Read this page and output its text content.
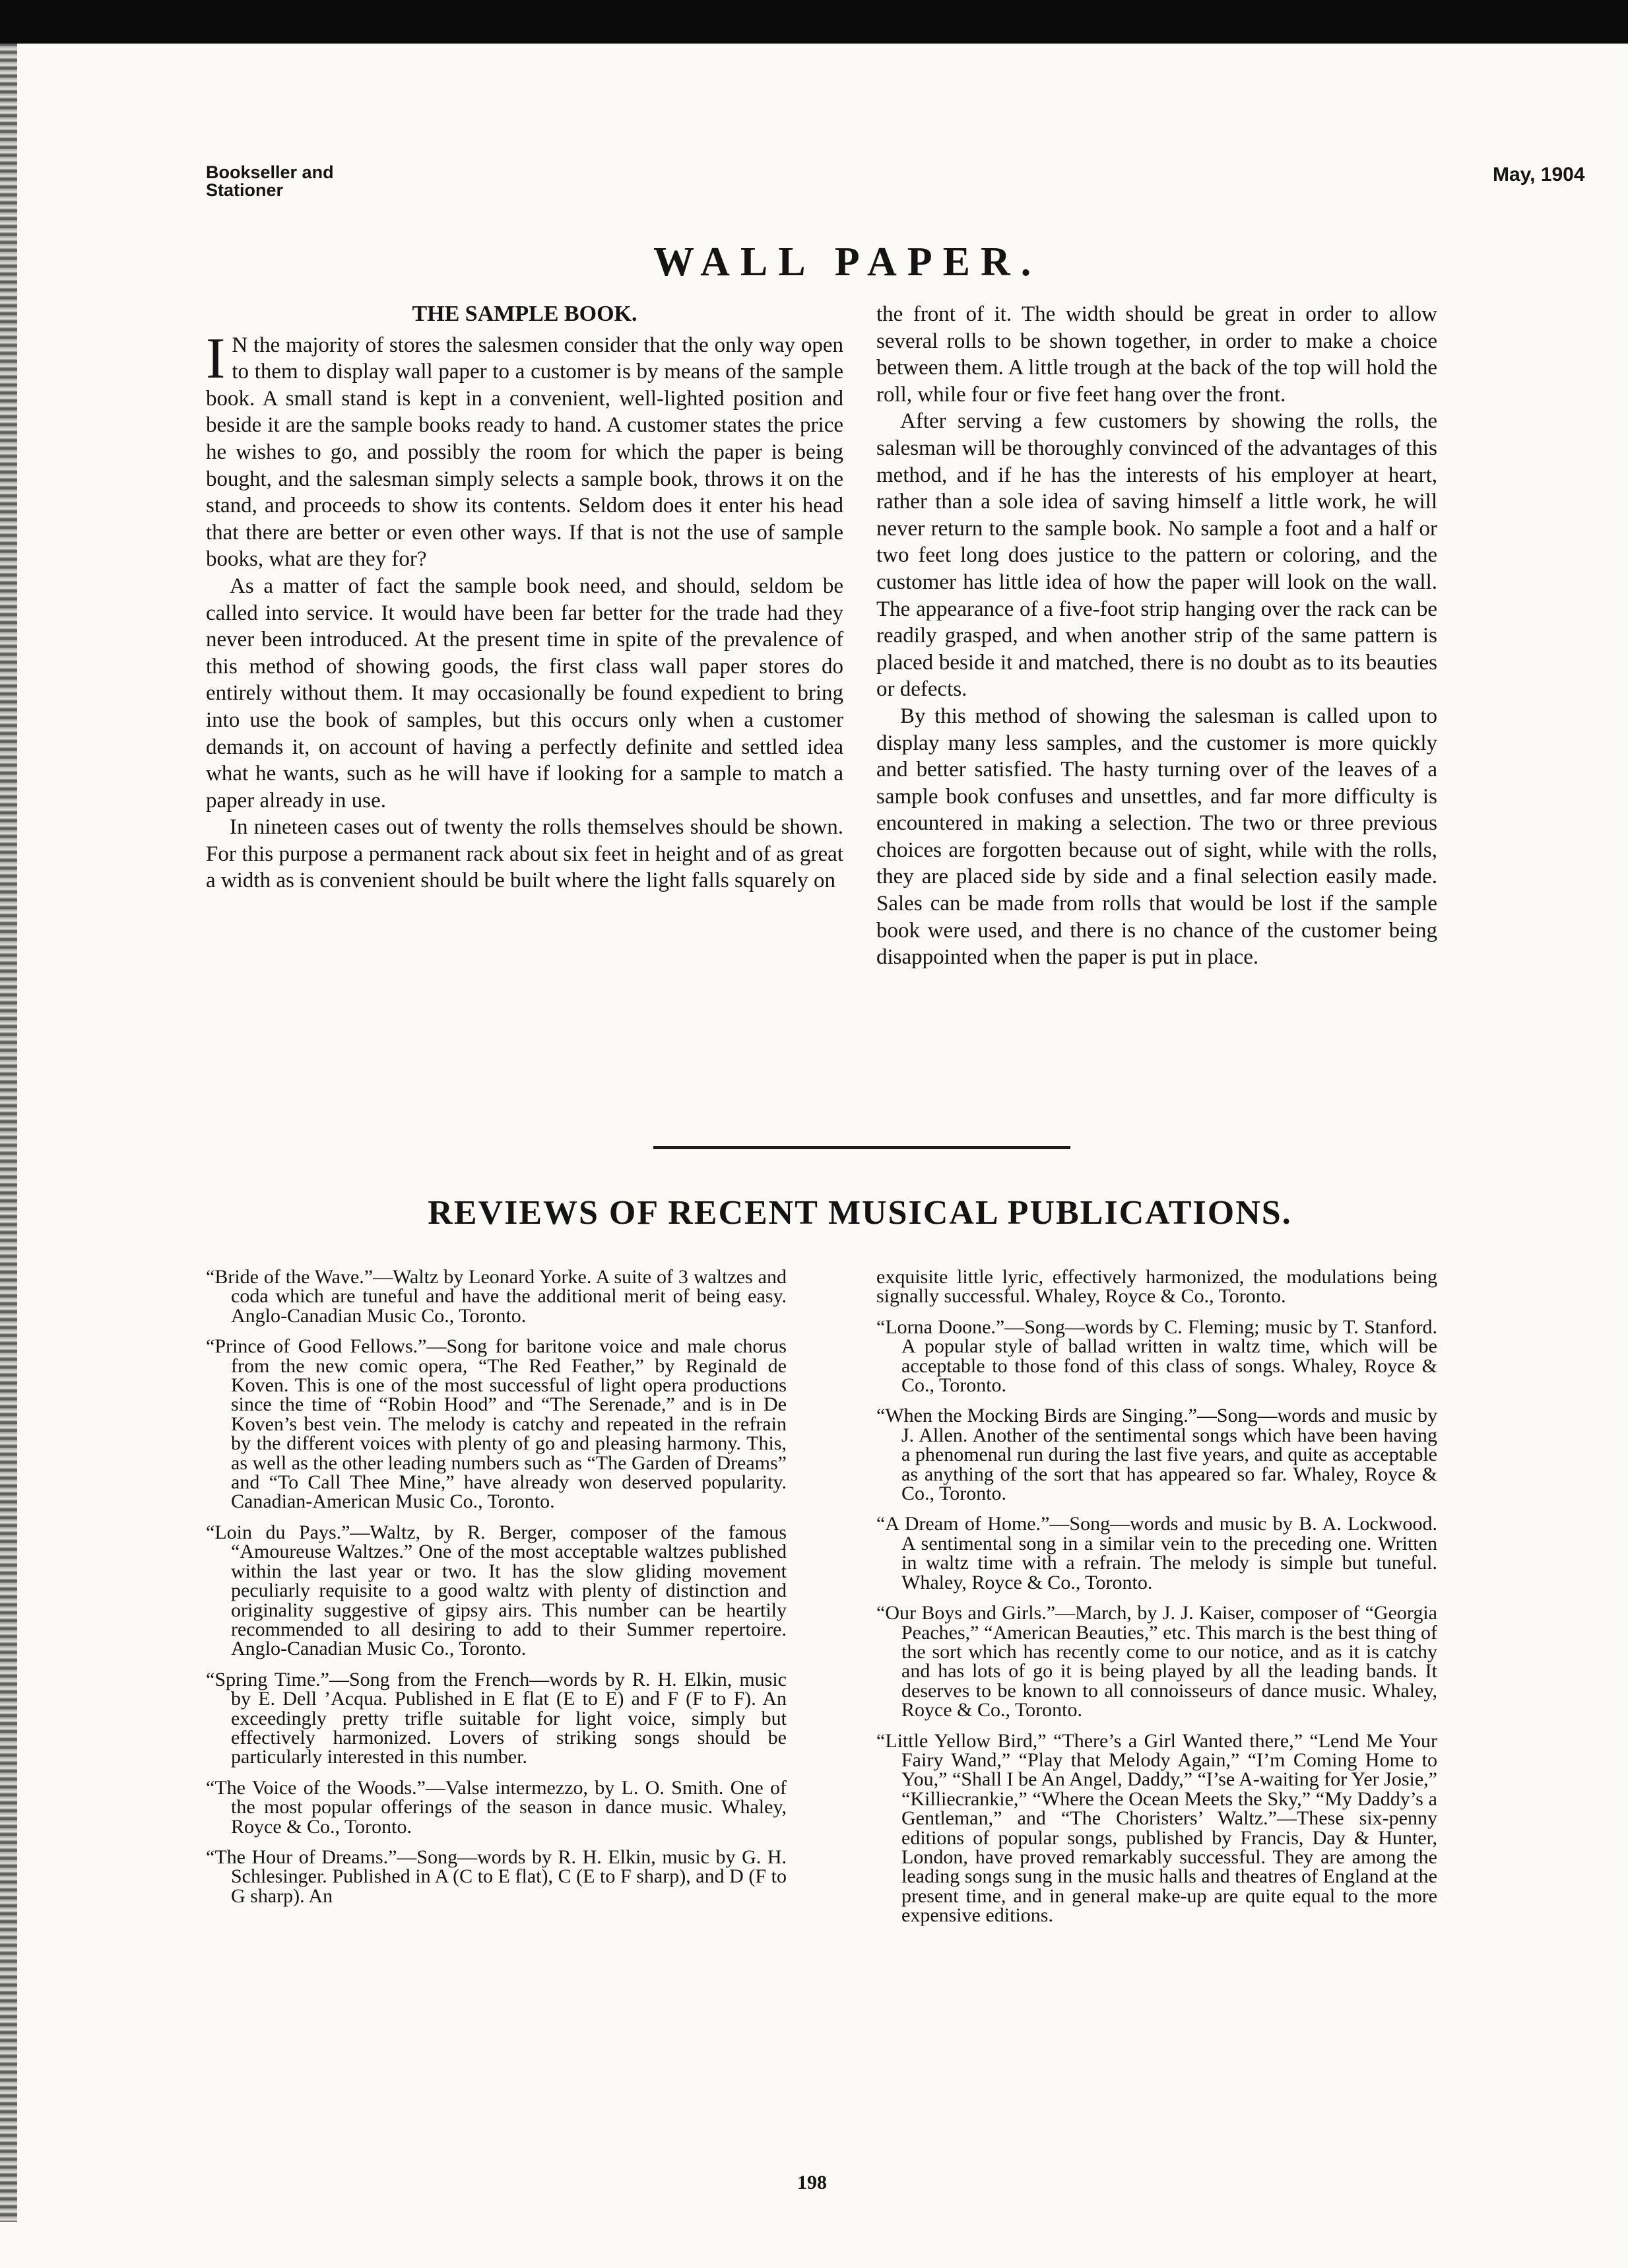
Bookseller and
Stationer
May, 1904
WALL PAPER.
THE SAMPLE BOOK.

I N the majority of stores the salesmen consider that the only way open to them to display wall paper to a customer is by means of the sample book. A small stand is kept in a convenient, well-lighted position and beside it are the sample books ready to hand. A customer states the price he wishes to go, and possibly the room for which the paper is being bought, and the salesman simply selects a sample book, throws it on the stand, and proceeds to show its contents. Seldom does it enter his head that there are better or even other ways. If that is not the use of sample books, what are they for?

As a matter of fact the sample book need, and should, seldom be called into service. It would have been far better for the trade had they never been introduced. At the present time in spite of the prevalence of this method of showing goods, the first class wall paper stores do entirely without them. It may occasionally be found expedient to bring into use the book of samples, but this occurs only when a customer demands it, on account of having a perfectly definite and settled idea what he wants, such as he will have if looking for a sample to match a paper already in use.

In nineteen cases out of twenty the rolls themselves should be shown. For this purpose a permanent rack about six feet in height and of as great a width as is convenient should be built where the light falls squarely on

the front of it. The width should be great in order to allow several rolls to be shown together, in order to make a choice between them. A little trough at the back of the top will hold the roll, while four or five feet hang over the front.

After serving a few customers by showing the rolls, the salesman will be thoroughly convinced of the advantages of this method, and if he has the interests of his employer at heart, rather than a sole idea of saving himself a little work, he will never return to the sample book. No sample a foot and a half or two feet long does justice to the pattern or coloring, and the customer has little idea of how the paper will look on the wall. The appearance of a five-foot strip hanging over the rack can be readily grasped, and when another strip of the same pattern is placed beside it and matched, there is no doubt as to its beauties or defects.

By this method of showing the salesman is called upon to display many less samples, and the customer is more quickly and better satisfied. The hasty turning over of the leaves of a sample book confuses and unsettles, and far more difficulty is encountered in making a selection. The two or three previous choices are forgotten because out of sight, while with the rolls, they are placed side by side and a final selection easily made. Sales can be made from rolls that would be lost if the sample book were used, and there is no chance of the customer being disappointed when the paper is put in place.

REVIEWS OF RECENT MUSICAL PUBLICATIONS.

“Bride of the Wave.”—Waltz by Leonard Yorke. A suite of 3 waltzes and coda which are tuneful and have the additional merit of being easy. Anglo-Canadian Music Co., Toronto.

“Prince of Good Fellows.”—Song for baritone voice and male chorus from the new comic opera, “The Red Feather,” by Reginald de Koven. This is one of the most successful of light opera productions since the time of “Robin Hood” and “The Serenade,” and is in De Koven’s best vein. The melody is catchy and repeated in the refrain by the different voices with plenty of go and pleasing harmony. This, as well as the other leading numbers such as “The Garden of Dreams” and “To Call Thee Mine,” have already won deserved popularity. Canadian-American Music Co., Toronto.

“Loin du Pays.”—Waltz, by R. Berger, composer of the famous “Amoureuse Waltzes.” One of the most acceptable waltzes published within the last year or two. It has the slow gliding movement peculiarly requisite to a good waltz with plenty of distinction and originality suggestive of gipsy airs. This number can be heartily recommended to all desiring to add to their Summer repertoire. Anglo-Canadian Music Co., Toronto.

“Spring Time.”—Song from the French—words by R. H. Elkin, music by E. Dell ’Acqua. Published in E flat (E to E) and F (F to F). An exceedingly pretty trifle suitable for light voice, simply but effectively harmonized. Lovers of striking songs should be particularly interested in this number.

“The Voice of the Woods.”—Valse intermezzo, by L. O. Smith. One of the most popular offerings of the season in dance music. Whaley, Royce & Co., Toronto.

“The Hour of Dreams.”—Song—words by R. H. Elkin, music by G. H. Schlesinger. Published in A (C to E flat), C (E to F sharp), and D (F to G sharp). An

exquisite little lyric, effectively harmonized, the modulations being signally successful. Whaley, Royce & Co., Toronto.

“Lorna Doone.”—Song—words by C. Fleming; music by T. Stanford. A popular style of ballad written in waltz time, which will be acceptable to those fond of this class of songs. Whaley, Royce & Co., Toronto.

“When the Mocking Birds are Singing.”—Song—words and music by J. Allen. Another of the sentimental songs which have been having a phenomenal run during the last five years, and quite as acceptable as anything of the sort that has appeared so far. Whaley, Royce & Co., Toronto.

“A Dream of Home.”—Song—words and music by B. A. Lockwood. A sentimental song in a similar vein to the preceding one. Written in waltz time with a refrain. The melody is simple but tuneful. Whaley, Royce & Co., Toronto.

“Our Boys and Girls.”—March, by J. J. Kaiser, composer of “Georgia Peaches,” “American Beauties,” etc. This march is the best thing of the sort which has recently come to our notice, and as it is catchy and has lots of go it is being played by all the leading bands. It deserves to be known to all connoisseurs of dance music. Whaley, Royce & Co., Toronto.

“Little Yellow Bird,” “There’s a Girl Wanted there,” “Lend Me Your Fairy Wand,” “Play that Melody Again,” “I’m Coming Home to You,” “Shall I be An Angel, Daddy,” “I’se A-waiting for Yer Josie,” “Killiecrankie,” “Where the Ocean Meets the Sky,” “My Daddy’s a Gentleman,” and “The Choristers’ Waltz.”—These six-penny editions of popular songs, published by Francis, Day & Hunter, London, have proved remarkably successful. They are among the leading songs sung in the music halls and theatres of England at the present time, and in general make-up are quite equal to the more expensive editions.

198
